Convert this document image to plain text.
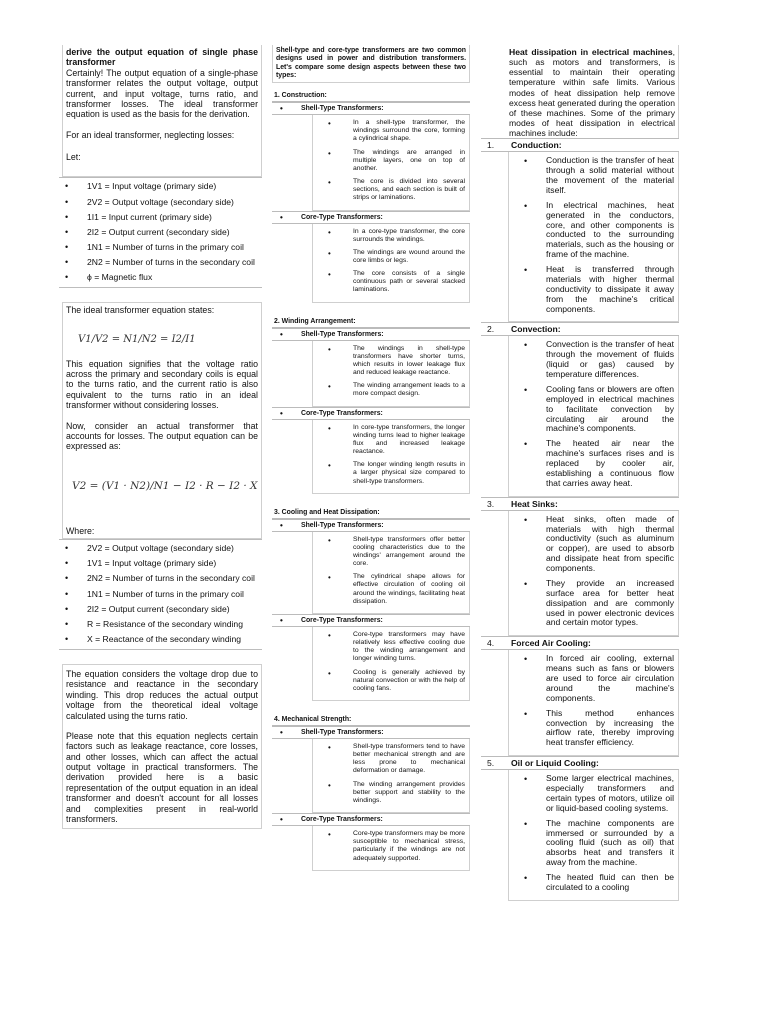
derive the output equation of single phase transformer

Certainly! The output equation of a single-phase transformer relates the output voltage, output current, and input voltage, turns ratio, and transformer losses. The ideal transformer equation is used as the basis for the derivation.

For an ideal transformer, neglecting losses:

Let:

• 1V1 = Input voltage (primary side)
• 2V2 = Output voltage (secondary side)
• 1I1 = Input current (primary side)
• 2I2 = Output current (secondary side)
• 1N1 = Number of turns in the primary coil
• 2N2 = Number of turns in the secondary coil
• ϕ = Magnetic flux

The ideal transformer equation states:

V1/V2 = N1/N2 = I2/I1

This equation signifies that the voltage ratio across the primary and secondary coils is equal to the turns ratio, and the current ratio is also equivalent to the turns ratio in an ideal transformer without considering losses.

Now, consider an actual transformer that accounts for losses. The output equation can be expressed as:

V2 = (V1 · N2)/N1 − I2 · R − I2 · X

Where:

• 2V2 = Output voltage (secondary side)
• 1V1 = Input voltage (primary side)
• 2N2 = Number of turns in the secondary coil
• 1N1 = Number of turns in the primary coil
• 2I2 = Output current (secondary side)
• R = Resistance of the secondary winding
• X = Reactance of the secondary winding

The equation considers the voltage drop due to resistance and reactance in the secondary winding. This drop reduces the actual output voltage from the theoretical ideal voltage calculated using the turns ratio.

Please note that this equation neglects certain factors such as leakage reactance, core losses, and other losses, which can affect the actual output voltage in practical transformers. The derivation provided here is a basic representation of the output equation in an ideal transformer and doesn't account for all losses and complexities present in real-world transformers.

Shell-type and core-type transformers are two common designs used in power and distribution transformers. Let's compare some design aspects between these two types:

1. Construction:
• Shell-Type Transformers:
• In a shell-type transformer, the windings surround the core, forming a cylindrical shape.
• The windings are arranged in multiple layers, one on top of another.
• The core is divided into several sections, and each section is built of strips or laminations.
• Core-Type Transformers:
• In a core-type transformer, the core surrounds the windings.
• The windings are wound around the core limbs or legs.
• The core consists of a single continuous path or several stacked laminations.
2. Winding Arrangement:
• Shell-Type Transformers:
• The windings in shell-type transformers have shorter turns, which results in lower leakage flux and reduced leakage reactance.
• The winding arrangement leads to a more compact design.
• Core-Type Transformers:
• In core-type transformers, the longer winding turns lead to higher leakage flux and increased leakage reactance.
• The longer winding length results in a larger physical size compared to shell-type transformers.
3. Cooling and Heat Dissipation:
• Shell-Type Transformers:
• Shell-type transformers offer better cooling characteristics due to the windings' arrangement around the core.
• The cylindrical shape allows for effective circulation of cooling oil around the windings, facilitating heat dissipation.
• Core-Type Transformers:
• Core-type transformers may have relatively less effective cooling due to the winding arrangement and longer winding turns.
• Cooling is generally achieved by natural convection or with the help of cooling fans.
4. Mechanical Strength:
• Shell-Type Transformers:
• Shell-type transformers tend to have better mechanical strength and are less prone to mechanical deformation or damage.
• The winding arrangement provides better support and stability to the windings.
• Core-Type Transformers:
• Core-type transformers may be more susceptible to mechanical stress, particularly if the windings are not adequately supported.

Heat dissipation in electrical machines, such as motors and transformers, is essential to maintain their operating temperature within safe limits. Various modes of heat dissipation help remove excess heat generated during the operation of these machines. Some of the primary modes of heat dissipation in electrical machines include:

1. Conduction:
• Conduction is the transfer of heat through a solid material without the movement of the material itself.
• In electrical machines, heat generated in the conductors, core, and other components is conducted to the surrounding materials, such as the housing or frame of the machine.
• Heat is transferred through materials with higher thermal conductivity to dissipate it away from the machine's critical components.
2. Convection:
• Convection is the transfer of heat through the movement of fluids (liquid or gas) caused by temperature differences.
• Cooling fans or blowers are often employed in electrical machines to facilitate convection by circulating air around the machine's components.
• The heated air near the machine's surfaces rises and is replaced by cooler air, establishing a continuous flow that carries away heat.
3. Heat Sinks:
• Heat sinks, often made of materials with high thermal conductivity (such as aluminum or copper), are used to absorb and dissipate heat from specific components.
• They provide an increased surface area for better heat dissipation and are commonly used in power electronic devices and certain motor types.
4. Forced Air Cooling:
• In forced air cooling, external means such as fans or blowers are used to force air circulation around the machine's components.
• This method enhances convection by increasing the airflow rate, thereby improving heat transfer efficiency.
5. Oil or Liquid Cooling:
• Some larger electrical machines, especially transformers and certain types of motors, utilize oil or liquid-based cooling systems.
• The machine components are immersed or surrounded by a cooling fluid (such as oil) that absorbs heat and transfers it away from the machine.
• The heated fluid can then be circulated to a cooling
